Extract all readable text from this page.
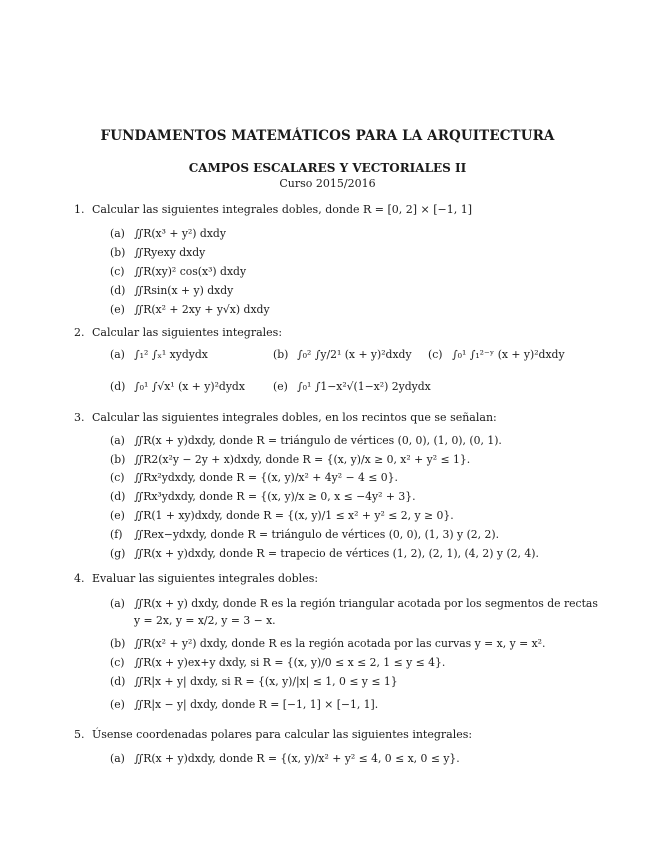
FUNDAMENTOS MATEMÁTICOS PARA LA ARQUITECTURA
CAMPOS ESCALARES Y VECTORIALES II
Curso 2015/2016
1. Calcular las siguientes integrales dobles, donde R = [0, 2] × [−1, 1]
(a) ∬R(x³ + y²) dxdy
(b) ∬Ryexy dxdy
(c) ∬R(xy)² cos(x³) dxdy
(d) ∬Rsin(x + y) dxdy
(e) ∬R(x² + 2xy + y√x) dxdy
2. Calcular las siguientes integrales:
(a) ∫₁² ∫ₓ¹ xydydx	(b) ∫₀² ∫y/2¹ (x + y)²dxdy (c) ∫₀¹ ∫₁²⁻ʸ (x + y)²dxdy
(d) ∫₀¹ ∫√x¹ (x + y)²dydx	(e) ∫₀¹ ∫1−x²√(1−x²) 2ydydx
3. Calcular las siguientes integrales dobles, en los recintos que se señalan:
(a) ∬R(x + y)dxdy, donde R = triángulo de vértices (0, 0), (1, 0), (0, 1).
(b) ∬R2(x²y − 2y + x)dxdy, donde R = {(x, y)/x ≥ 0, x² + y² ≤ 1}.
(c) ∬Rx²ydxdy, donde R = {(x, y)/x² + 4y² − 4 ≤ 0}.
(d) ∬Rx³ydxdy, donde R = {(x, y)/x ≥ 0, x ≤ −4y² + 3}.
(e) ∬R(1 + xy)dxdy, donde R = {(x, y)/1 ≤ x² + y² ≤ 2, y ≥ 0}.
(f) ∬Rex−ydxdy, donde R = triángulo de vértices (0, 0), (1, 3) y (2, 2).
(g) ∬R(x + y)dxdy, donde R = trapecio de vértices (1, 2), (2, 1), (4, 2) y (2, 4).
4. Evaluar las siguientes integrales dobles:
(a) ∬R(x + y) dxdy, donde R es la región triangular acotada por los segmentos de rectas
y = 2x, y = x/2, y = 3 − x.
(b) ∬R(x² + y²) dxdy, donde R es la región acotada por las curvas y = x, y = x².
(c) ∬R(x + y)ex+y dxdy, si R = {(x, y)/0 ≤ x ≤ 2, 1 ≤ y ≤ 4}.
(d) ∬R|x + y| dxdy, si R = {(x, y)/|x| ≤ 1, 0 ≤ y ≤ 1}
(e) ∬R|x − y| dxdy, donde R = [−1, 1] × [−1, 1].
5. Úsense coordenadas polares para calcular las siguientes integrales:
(a) ∬R(x + y)dxdy, donde R = {(x, y)/x² + y² ≤ 4, 0 ≤ x, 0 ≤ y}.
